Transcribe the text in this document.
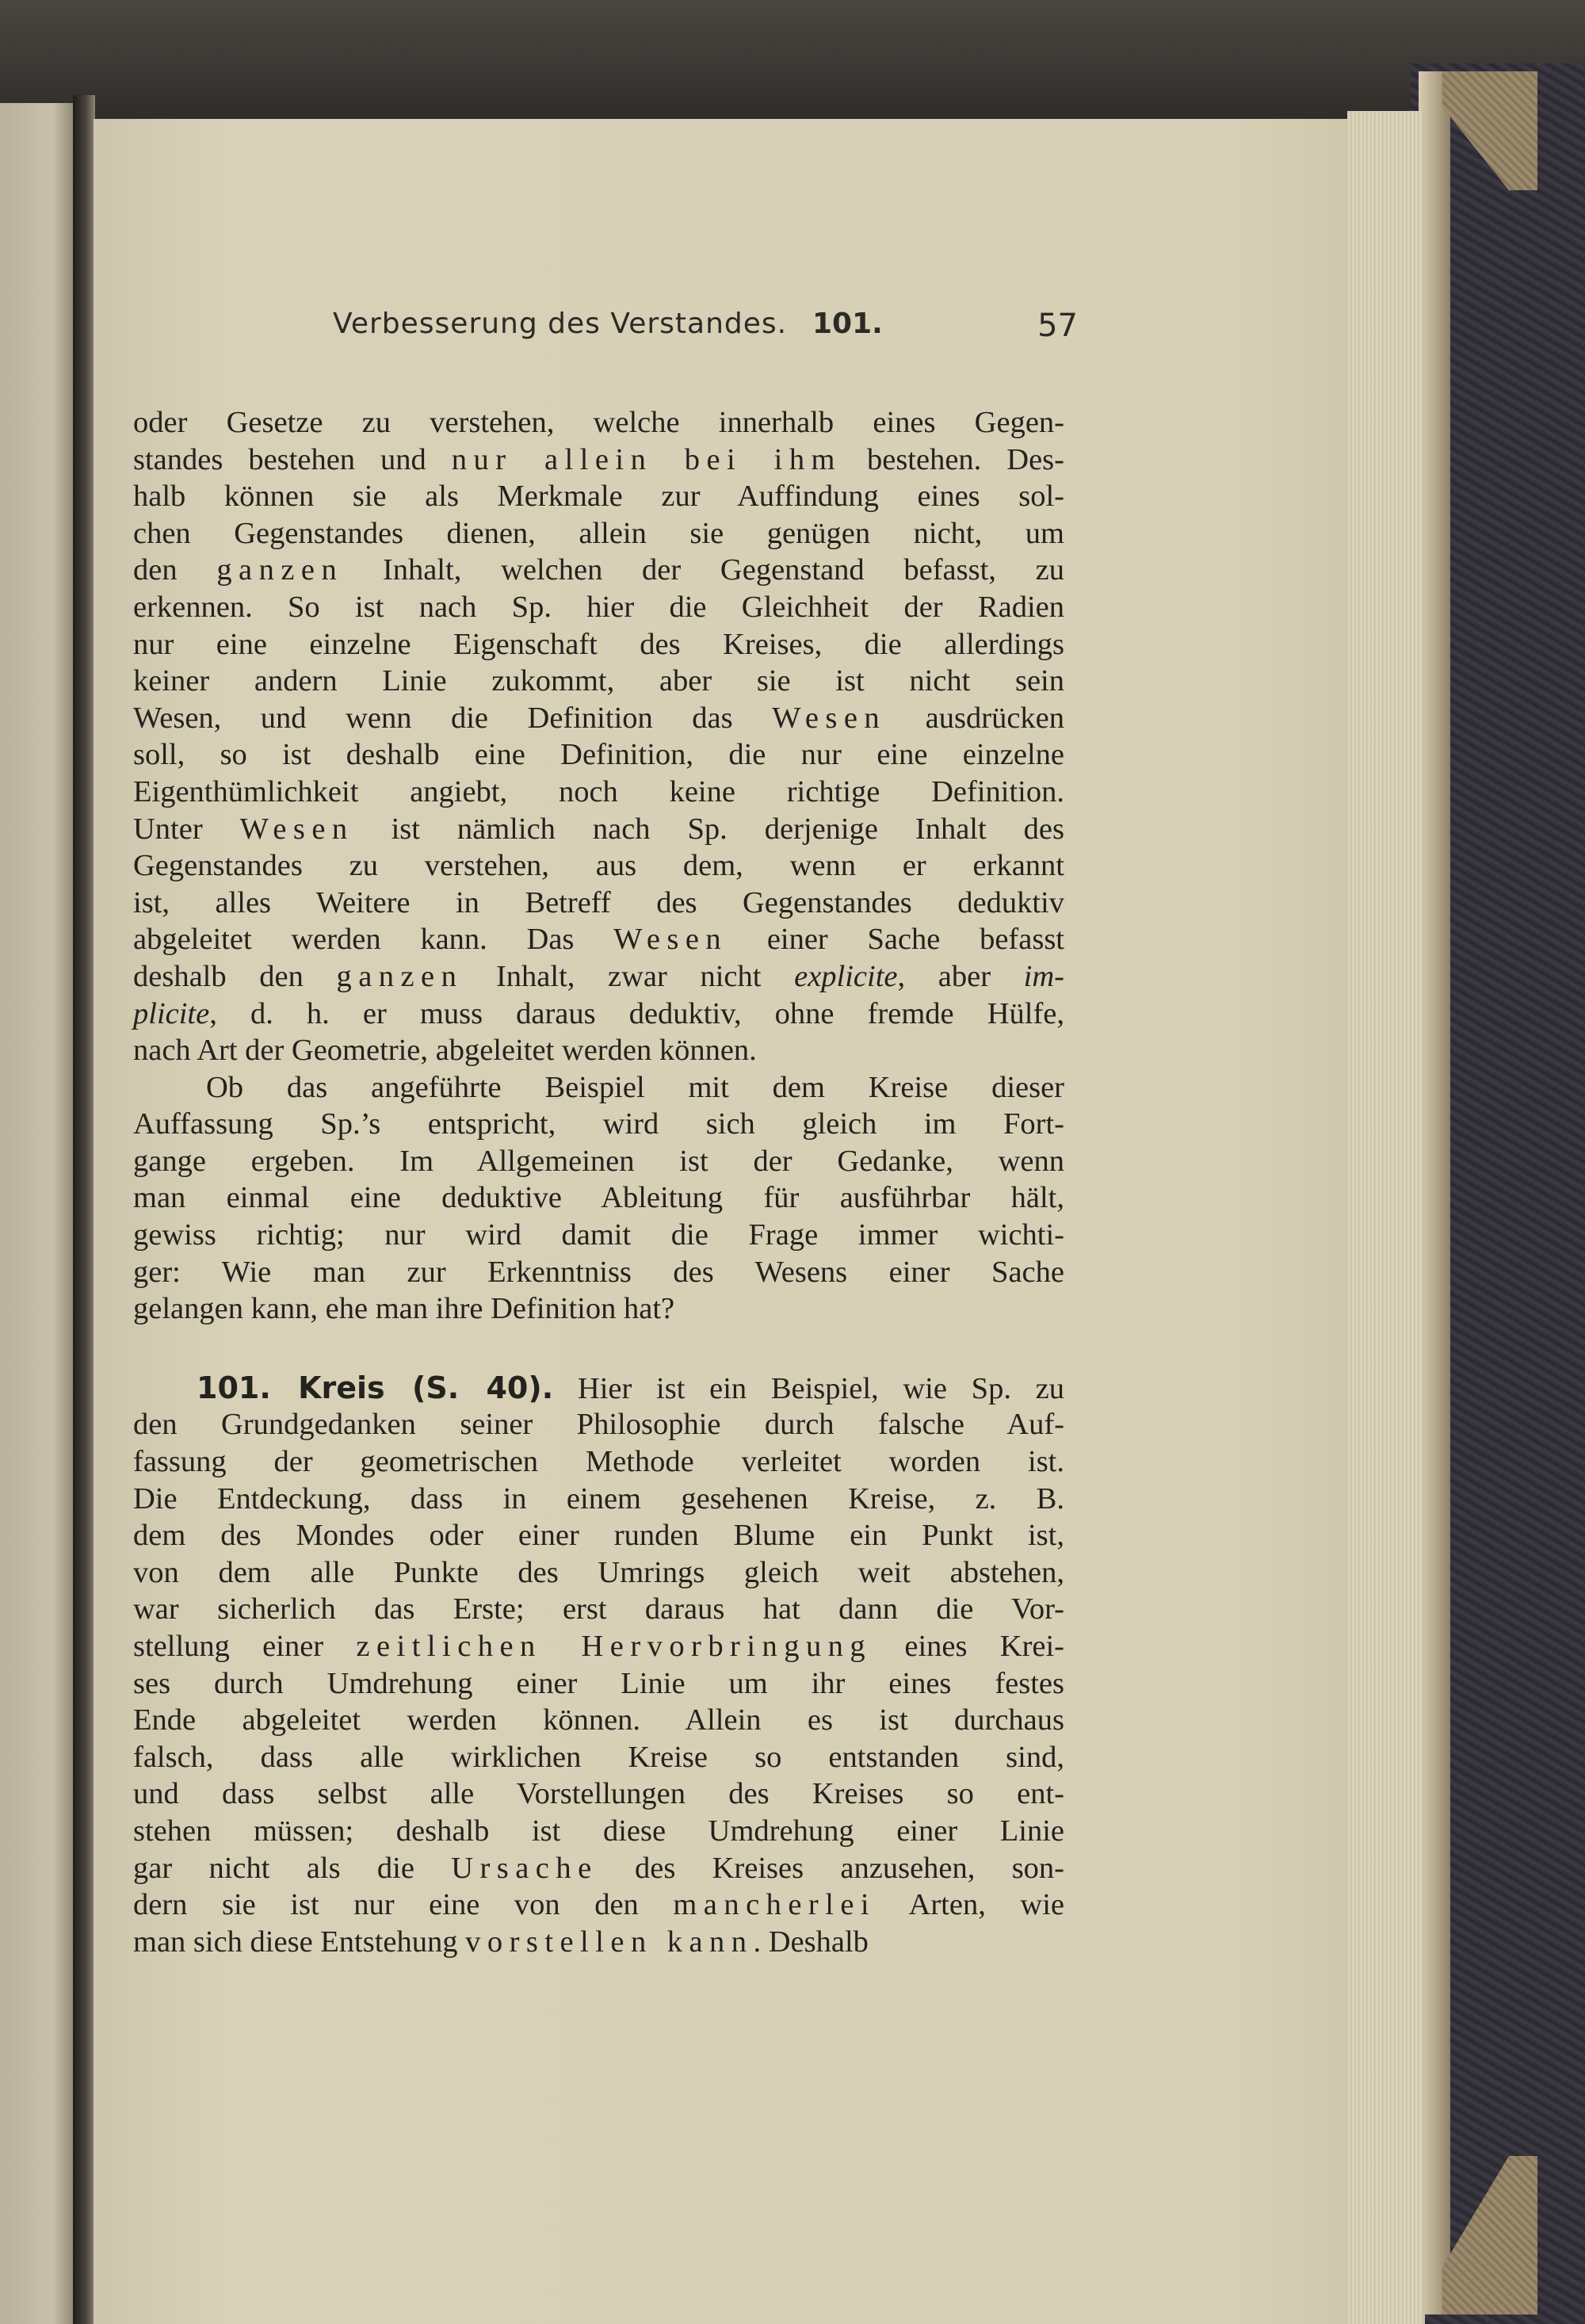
Verbesserung des Verstandes. 101.	57
oder Gesetze zu verstehen, welche innerhalb eines Gegen-
standes bestehen und nur allein bei ihm bestehen. Des-
halb können sie als Merkmale zur Auffindung eines sol-
chen Gegenstandes dienen, allein sie genügen nicht, um
den ganzen Inhalt, welchen der Gegenstand befasst, zu
erkennen. So ist nach Sp. hier die Gleichheit der Radien
nur eine einzelne Eigenschaft des Kreises, die allerdings
keiner andern Linie zukommt, aber sie ist nicht sein
Wesen, und wenn die Definition das Wesen ausdrücken
soll, so ist deshalb eine Definition, die nur eine einzelne
Eigenthümlichkeit angiebt, noch keine richtige Definition.
Unter Wesen ist nämlich nach Sp. derjenige Inhalt des
Gegenstandes zu verstehen, aus dem, wenn er erkannt
ist, alles Weitere in Betreff des Gegenstandes deduktiv
abgeleitet werden kann. Das Wesen einer Sache befasst
deshalb den ganzen Inhalt, zwar nicht explicite, aber im-
plicite, d. h. er muss daraus deduktiv, ohne fremde Hülfe,
nach Art der Geometrie, abgeleitet werden können.
Ob das angeführte Beispiel mit dem Kreise dieser
Auffassung Sp.’s entspricht, wird sich gleich im Fort-
gange ergeben. Im Allgemeinen ist der Gedanke, wenn
man einmal eine deduktive Ableitung für ausführbar hält,
gewiss richtig; nur wird damit die Frage immer wichti-
ger: Wie man zur Erkenntniss des Wesens einer Sache
gelangen kann, ehe man ihre Definition hat?
101. Kreis (S. 40). Hier ist ein Beispiel, wie Sp. zu
den Grundgedanken seiner Philosophie durch falsche Auf-
fassung der geometrischen Methode verleitet worden ist.
Die Entdeckung, dass in einem gesehenen Kreise, z. B.
dem des Mondes oder einer runden Blume ein Punkt ist,
von dem alle Punkte des Umrings gleich weit abstehen,
war sicherlich das Erste; erst daraus hat dann die Vor-
stellung einer zeitlichen Hervorbringung eines Krei-
ses durch Umdrehung einer Linie um ihr eines festes
Ende abgeleitet werden können. Allein es ist durchaus
falsch, dass alle wirklichen Kreise so entstanden sind,
und dass selbst alle Vorstellungen des Kreises so ent-
stehen müssen; deshalb ist diese Umdrehung einer Linie
gar nicht als die Ursache des Kreises anzusehen, son-
dern sie ist nur eine von den mancherlei Arten, wie
man sich diese Entstehung vorstellen kann. Deshalb
